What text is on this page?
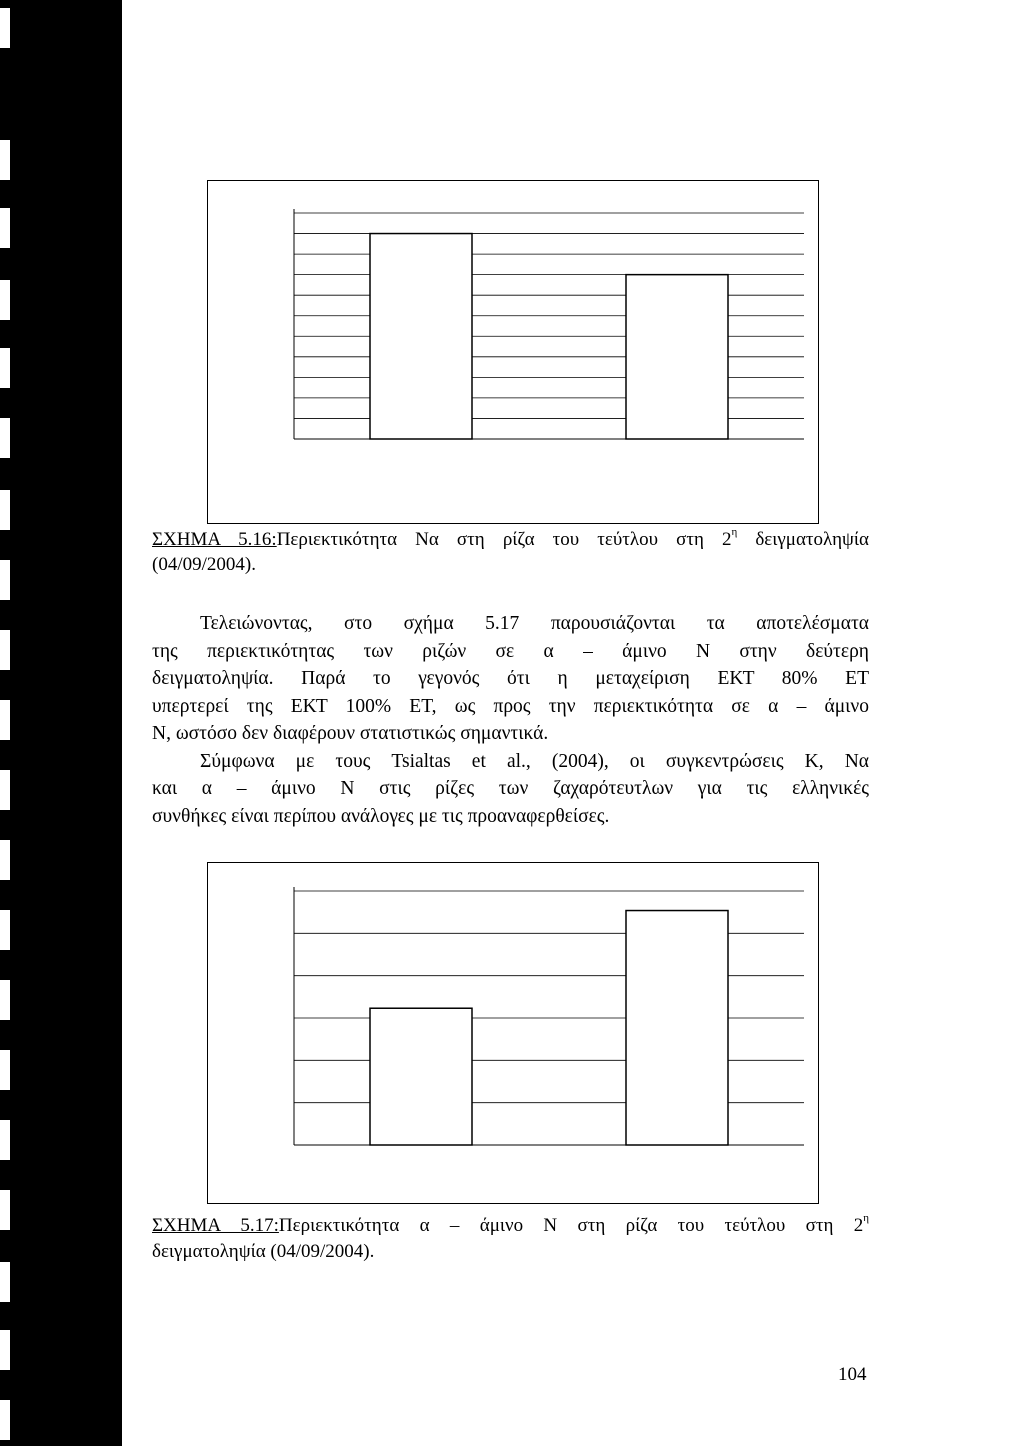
ΣΧΗΜΑ 5.16:Περιεκτικότητα Να στη ρίζα του τεύτλου στη $2^\eta$ δειγματοληψία
(04/09/2004).
Τελειώνοντας, στο σχήμα 5.17 παρουσιάζονται τα αποτελέσματα
της περιεκτικότητας των ριζών σε α – άμινο Ν στην δεύτερη
δειγματοληψία. Παρά το γεγονός ότι η μεταχείριση ΕΚΤ 80% ΕΤ
υπερτερεί της ΕΚΤ 100% ΕΤ, ως προς την περιεκτικότητα σε α – άμινο
Ν, ωστόσο δεν διαφέρουν στατιστικώς σημαντικά.
Σύμφωνα με τους Tsialtas et al., (2004), οι συγκεντρώσεις Κ, Να
και α – άμινο Ν στις ρίζες των ζαχαρότευτλων για τις ελληνικές
συνθήκες είναι περίπου ανάλογες με τις προαναφερθείσες.
ΣΧΗΜΑ 5.17:Περιεκτικότητα α – άμινο Ν στη ρίζα του τεύτλου στη $2^\eta$
δειγματοληψία (04/09/2004).
104
